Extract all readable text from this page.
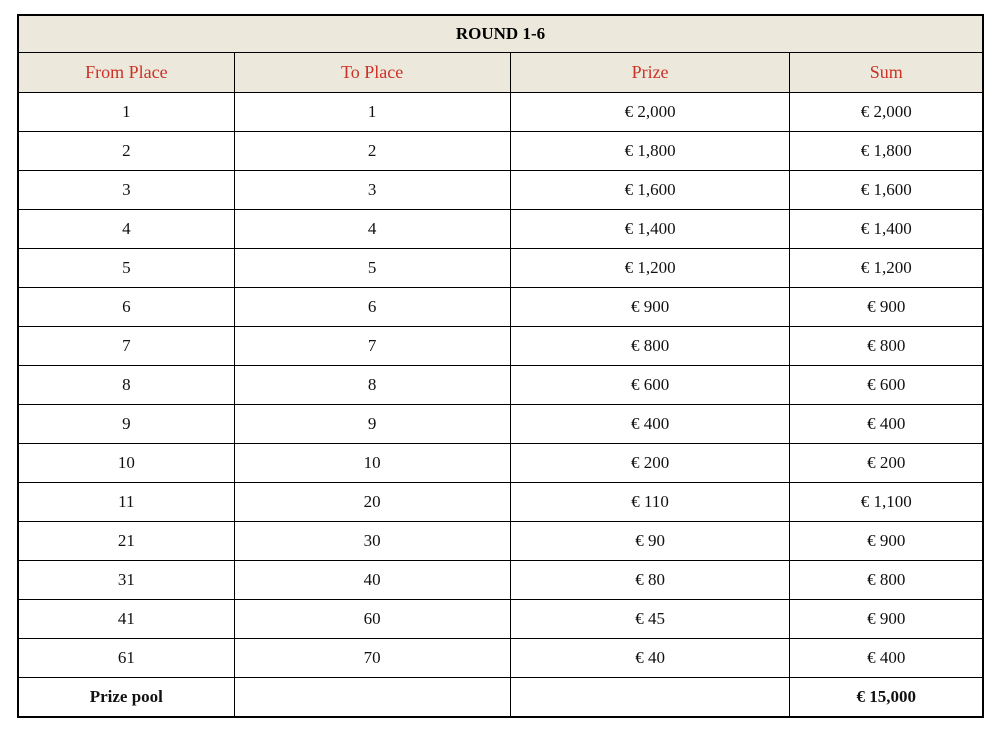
ROUND 1-6			
From Place	To Place	Prize	Sum
1	1	€ 2,000	€ 2,000
2	2	€ 1,800	€ 1,800
3	3	€ 1,600	€ 1,600
4	4	€ 1,400	€ 1,400
5	5	€ 1,200	€ 1,200
6	6	€ 900	€ 900
7	7	€ 800	€ 800
8	8	€ 600	€ 600
9	9	€ 400	€ 400
10	10	€ 200	€ 200
11	20	€ 110	€ 1,100
21	30	€ 90	€ 900
31	40	€ 80	€ 800
41	60	€ 45	€ 900
61	70	€ 40	€ 400
Prize pool			€ 15,000
